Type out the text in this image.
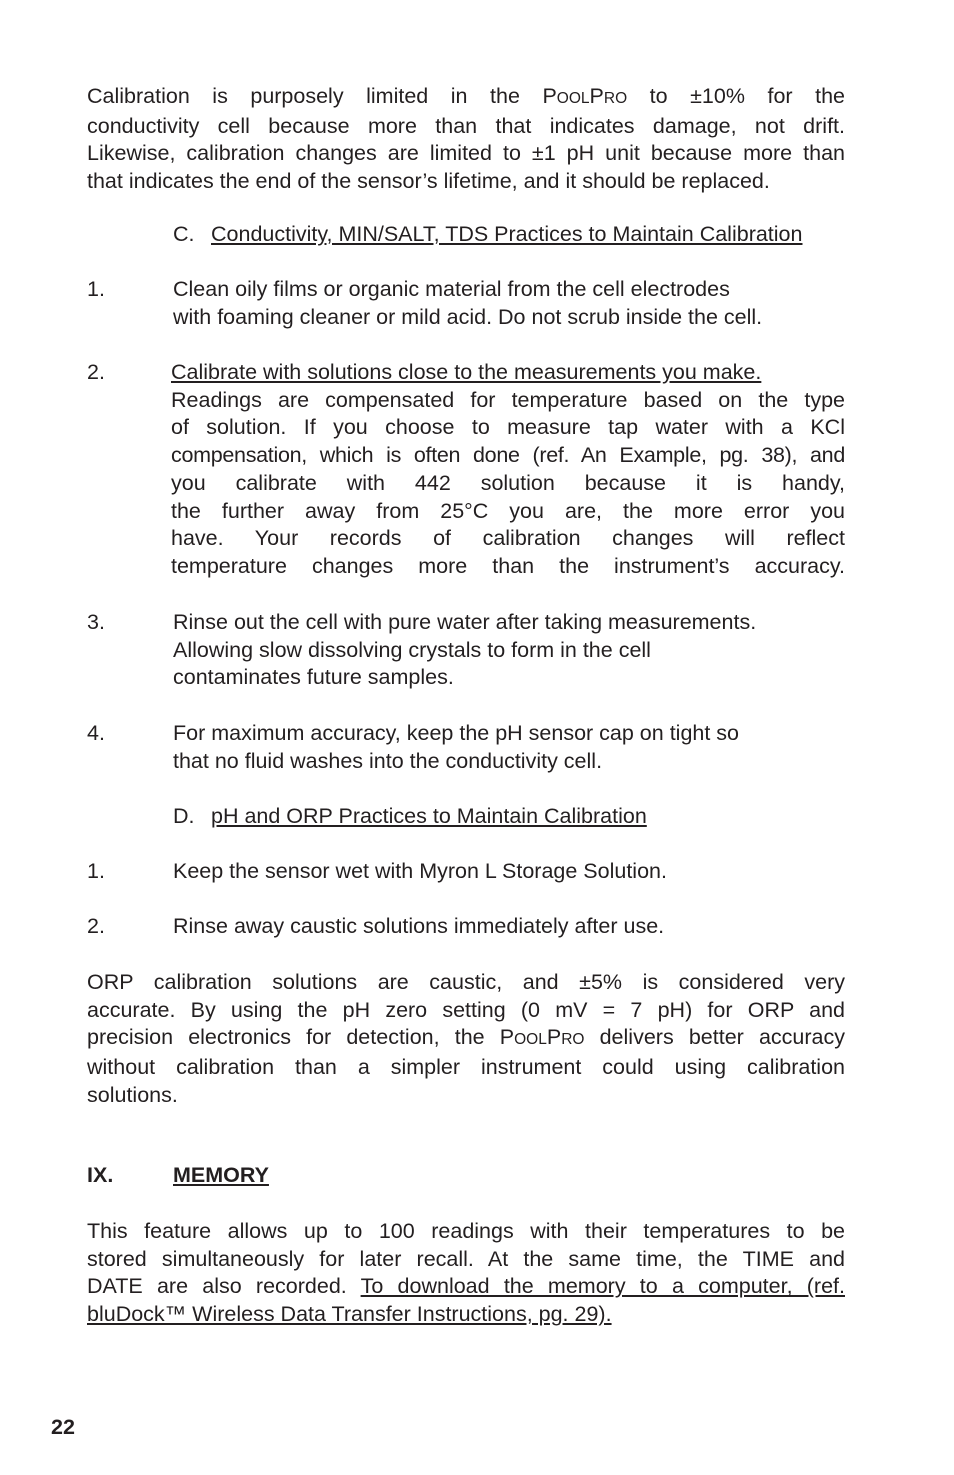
Calibration is purposely limited in the POOLPRO to ±10% for the
conductivity cell because more than that indicates damage, not drift.
Likewise, calibration changes are limited to ±1 pH unit because more than
that indicates the end of the sensor’s lifetime, and it should be replaced.
C. Conductivity, MIN/SALT, TDS Practices to Maintain Calibration
1.	Clean oily films or organic material from the cell electrodes
with foaming cleaner or mild acid. Do not scrub inside the cell.
2.	Calibrate with solutions close to the measurements you make.
Readings are compensated for temperature based on the type
of solution. If you choose to measure tap water with a KCl
compensation, which is often done (ref. An Example, pg. 38), and
you calibrate with 442 solution because it is handy,
the further away from 25°C you are, the more error you
have. Your records of calibration changes will reflect
temperature changes more than the instrument’s accuracy.
3.	Rinse out the cell with pure water after taking measurements.
Allowing slow dissolving crystals to form in the cell
contaminates future samples.
4.	For maximum accuracy, keep the pH sensor cap on tight so
that no fluid washes into the conductivity cell.
D. pH and ORP Practices to Maintain Calibration
1.	Keep the sensor wet with Myron L Storage Solution.
2.	Rinse away caustic solutions immediately after use.
ORP calibration solutions are caustic, and ±5% is considered very
accurate. By using the pH zero setting (0 mV = 7 pH) for ORP and
precision electronics for detection, the POOLPRO delivers better accuracy
without calibration than a simpler instrument could using calibration
solutions.
IX.	MEMORY
This feature allows up to 100 readings with their temperatures to be
stored simultaneously for later recall. At the same time, the TIME and
DATE are also recorded. To download the memory to a computer, (ref.
bluDock™ Wireless Data Transfer Instructions, pg. 29).
22
